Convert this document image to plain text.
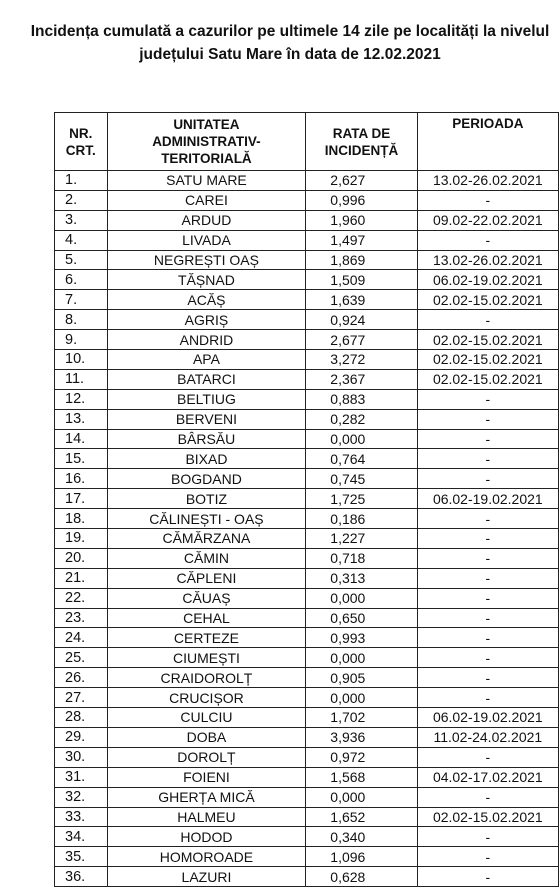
Incidența cumulată a cazurilor pe ultimele 14 zile pe localități la nivelul
județului Satu Mare în data de 12.02.2021
NR. CRT.	UNITATEA ADMINISTRATIV-TERITORIALĂ	RATA DE INCIDENȚĂ	PERIOADA
1.	SATU MARE	2,627	13.02-26.02.2021
2.	CAREI	0,996	-
3.	ARDUD	1,960	09.02-22.02.2021
4.	LIVADA	1,497	-
5.	NEGREȘTI OAȘ	1,869	13.02-26.02.2021
6.	TĂȘNAD	1,509	06.02-19.02.2021
7.	ACĂȘ	1,639	02.02-15.02.2021
8.	AGRIȘ	0,924	-
9.	ANDRID	2,677	02.02-15.02.2021
10.	APA	3,272	02.02-15.02.2021
11.	BATARCI	2,367	02.02-15.02.2021
12.	BELTIUG	0,883	-
13.	BERVENI	0,282	-
14.	BÂRSĂU	0,000	-
15.	BIXAD	0,764	-
16.	BOGDAND	0,745	-
17.	BOTIZ	1,725	06.02-19.02.2021
18.	CĂLINEȘTI - OAȘ	0,186	-
19.	CĂMĂRZANA	1,227	-
20.	CĂMIN	0,718	-
21.	CĂPLENI	0,313	-
22.	CĂUAȘ	0,000	-
23.	CEHAL	0,650	-
24.	CERTEZE	0,993	-
25.	CIUMEȘTI	0,000	-
26.	CRAIDOROLȚ	0,905	-
27.	CRUCIȘOR	0,000	-
28.	CULCIU	1,702	06.02-19.02.2021
29.	DOBA	3,936	11.02-24.02.2021
30.	DOROLȚ	0,972	-
31.	FOIENI	1,568	04.02-17.02.2021
32.	GHERȚA MICĂ	0,000	-
33.	HALMEU	1,652	02.02-15.02.2021
34.	HODOD	0,340	-
35.	HOMOROADE	1,096	-
36.	LAZURI	0,628	-
